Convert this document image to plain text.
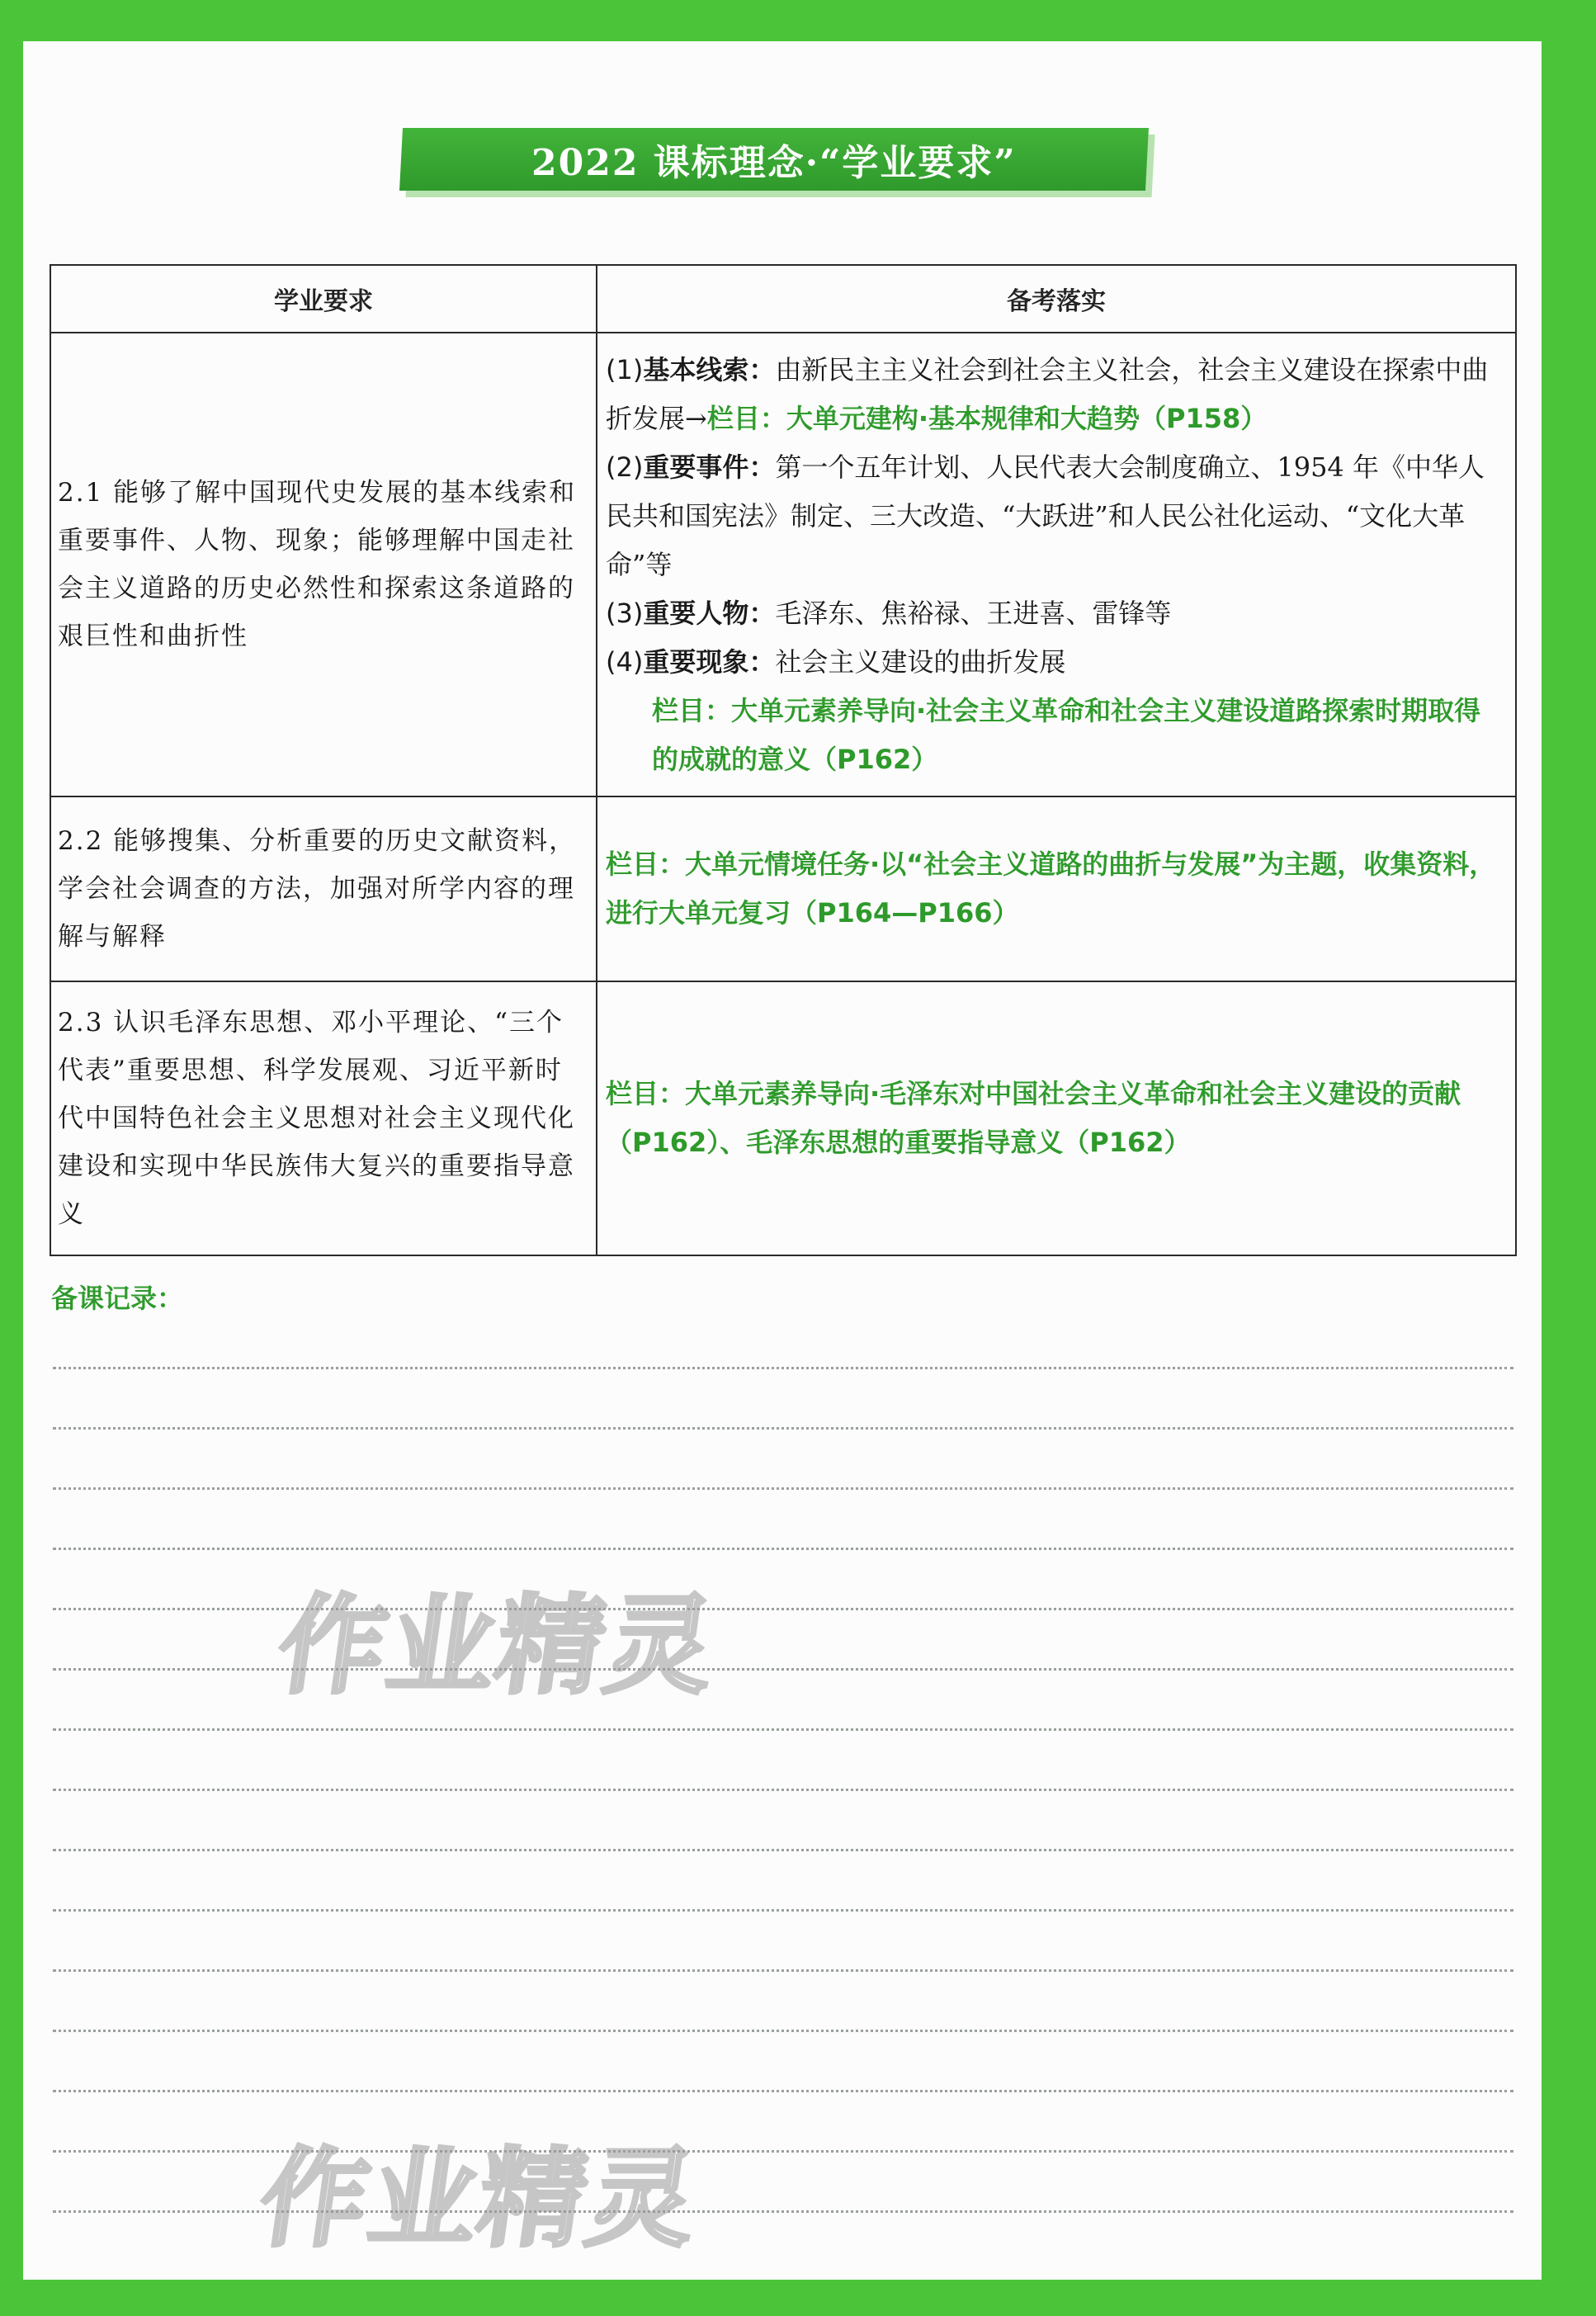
2022 课标理念·“学业要求”
学业要求	备考落实
2.1 能够了解中国现代史发展的基本线索和重要事件、人物、现象；能够理解中国走社会主义道路的历史必然性和探索这条道路的艰巨性和曲折性	(1)基本线索：由新民主主义社会到社会主义社会，社会主义建设在探索中曲折发展→栏目：大单元建构·基本规律和大趋势（P158）

(2)重要事件：第一个五年计划、人民代表大会制度确立、1954 年《中华人民共和国宪法》制定、三大改造、“大跃进”和人民公社化运动、“文化大革命”等

(3)重要人物：毛泽东、焦裕禄、王进喜、雷锋等

(4)重要现象：社会主义建设的曲折发展

栏目：大单元素养导向·社会主义革命和社会主义建设道路探索时期取得的成就的意义（P162）

2.2 能够搜集、分析重要的历史文献资料，学会社会调查的方法，加强对所学内容的理解与解释	栏目：大单元情境任务·以“社会主义道路的曲折与发展”为主题，收集资料，进行大单元复习（P164—P166）
2.3 认识毛泽东思想、邓小平理论、“三个代表”重要思想、科学发展观、习近平新时代中国特色社会主义思想对社会主义现代化建设和实现中华民族伟大复兴的重要指导意义	栏目：大单元素养导向·毛泽东对中国社会主义革命和社会主义建设的贡献（P162）、毛泽东思想的重要指导意义（P162）
备课记录：
作业精灵
作业精灵
